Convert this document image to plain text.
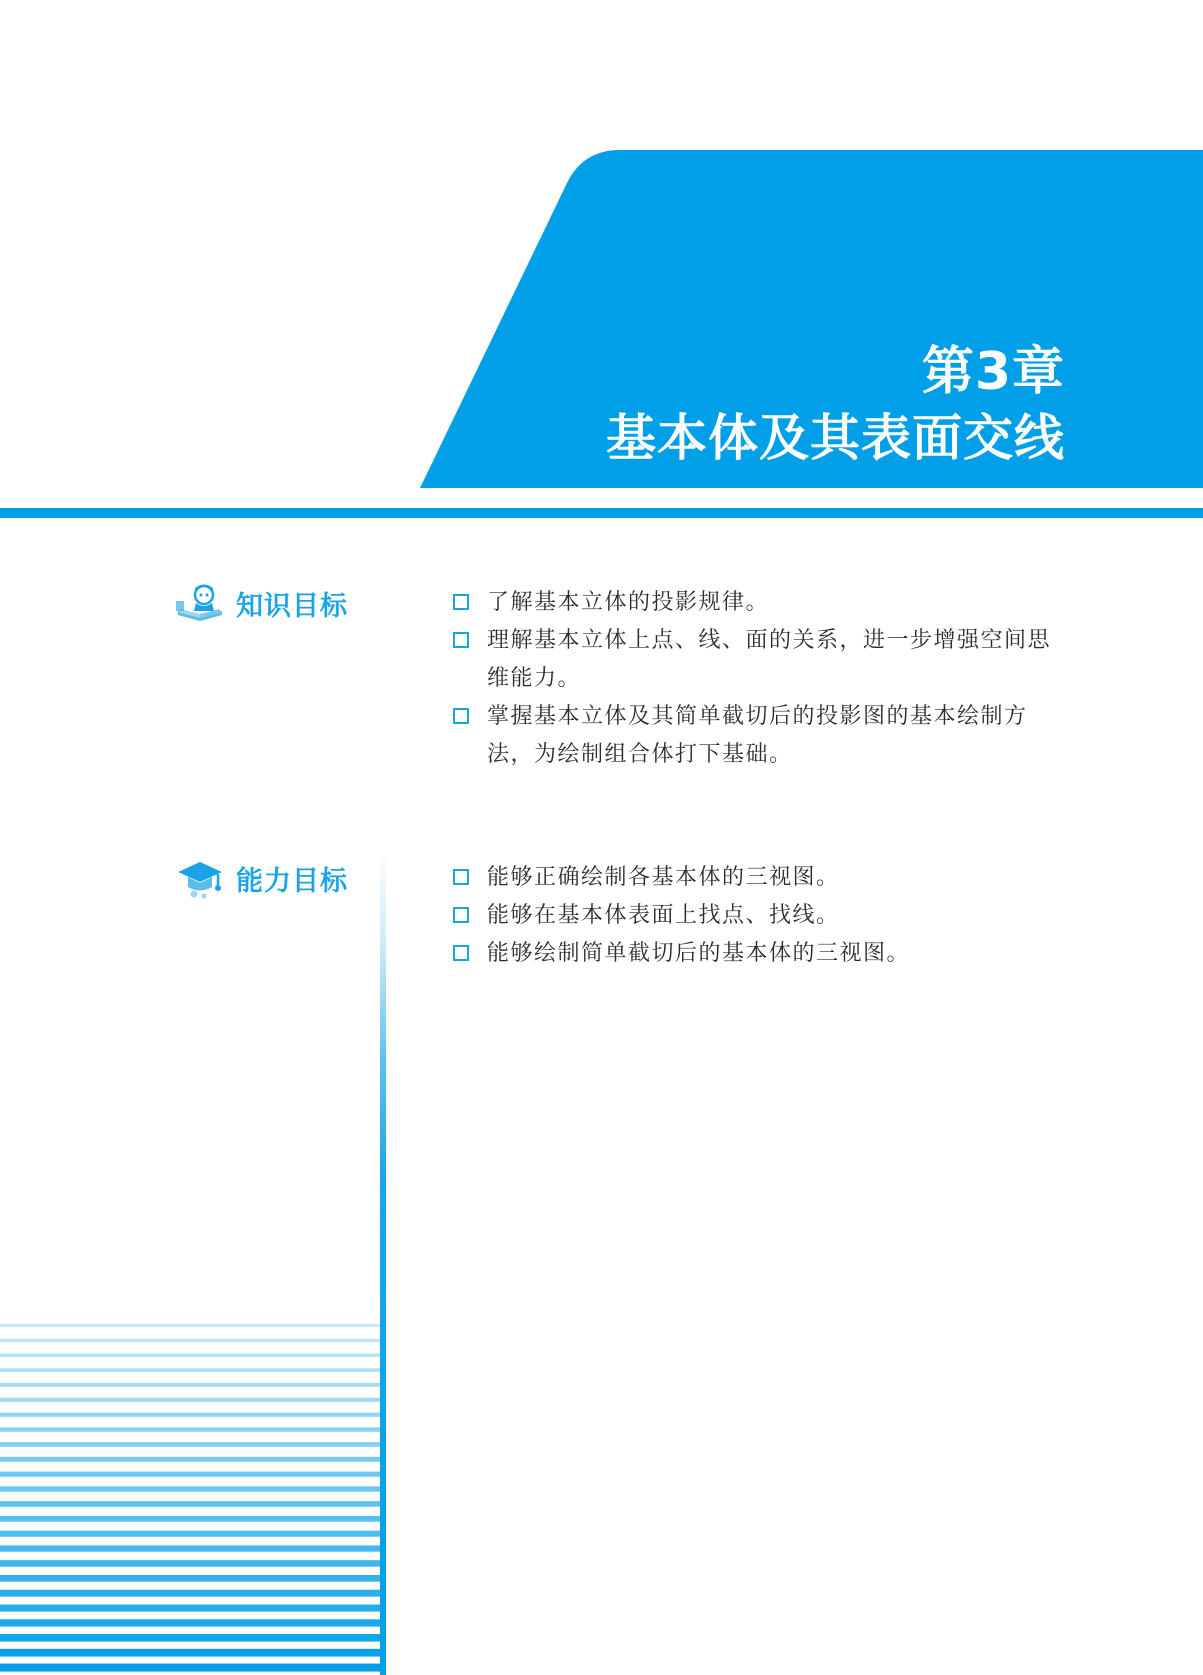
第3章
基本体及其表面交线
知识目标	了解基本立体的投影规律。
理解基本立体上点、线、面的关系，进一步增强空间思维能力。
掌握基本立体及其简单截切后的投影图的基本绘制方法，为绘制组合体打下基础。
能力目标	能够正确绘制各基本体的三视图。
能够在基本体表面上找点、找线。
能够绘制简单截切后的基本体的三视图。
